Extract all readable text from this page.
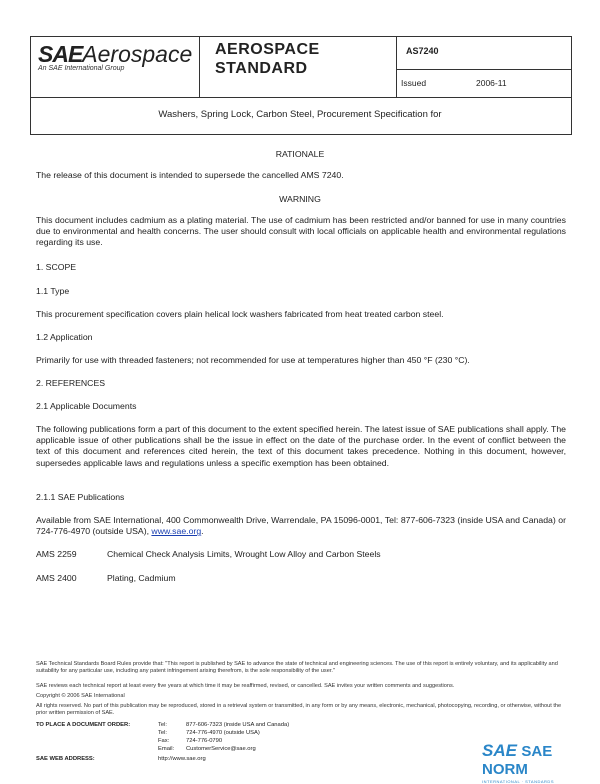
SAEAerospace
An SAE International Group
AEROSPACE
STANDARD
AS7240
Issued	2006-11
Washers, Spring Lock, Carbon Steel, Procurement Specification for
RATIONALE
The release of this document is intended to supersede the cancelled AMS 7240.
WARNING
This document includes cadmium as a plating material. The use of cadmium has been restricted and/or banned for use in many countries due to environmental and health concerns. The user should consult with local officials on applicable health and environmental regulations regarding its use.
1. SCOPE
1.1 Type
This procurement specification covers plain helical lock washers fabricated from heat treated carbon steel.
1.2 Application
Primarily for use with threaded fasteners; not recommended for use at temperatures higher than 450 °F (230 °C).
2. REFERENCES
2.1 Applicable Documents
The following publications form a part of this document to the extent specified herein. The latest issue of SAE publications shall apply. The applicable issue of other publications shall be the issue in effect on the date of the purchase order. In the event of conflict between the text of this document and references cited herein, the text of this document takes precedence. Nothing in this document, however, supersedes applicable laws and regulations unless a specific exemption has been obtained.
2.1.1 SAE Publications
Available from SAE International, 400 Commonwealth Drive, Warrendale, PA 15096-0001, Tel: 877-606-7323 (inside USA and Canada) or 724-776-4970 (outside USA), www.sae.org.
AMS 2259	Chemical Check Analysis Limits, Wrought Low Alloy and Carbon Steels
AMS 2400	Plating, Cadmium
SAE Technical Standards Board Rules provide that: "This report is published by SAE to advance the state of technical and engineering sciences. The use of this report is entirely voluntary, and its applicability and suitability for any particular use, including any patent infringement arising therefrom, is the sole responsibility of the user."
SAE reviews each technical report at least every five years at which time it may be reaffirmed, revised, or cancelled. SAE invites your written comments and suggestions.
Copyright © 2006 SAE International
All rights reserved. No part of this publication may be reproduced, stored in a retrieval system or transmitted, in any form or by any means, electronic, mechanical, photocopying, recording, or otherwise, without the prior written permission of SAE.
TO PLACE A DOCUMENT ORDER:	Tel:	877-606-7323 (inside USA and Canada)
Tel:	724-776-4970 (outside USA)
Fax:	724-776-0790
Email: CustomerService@sae.org
SAE WEB ADDRESS:	http://www.sae.org	SAE SAE NORM
INTERNATIONAL · STANDARDS
